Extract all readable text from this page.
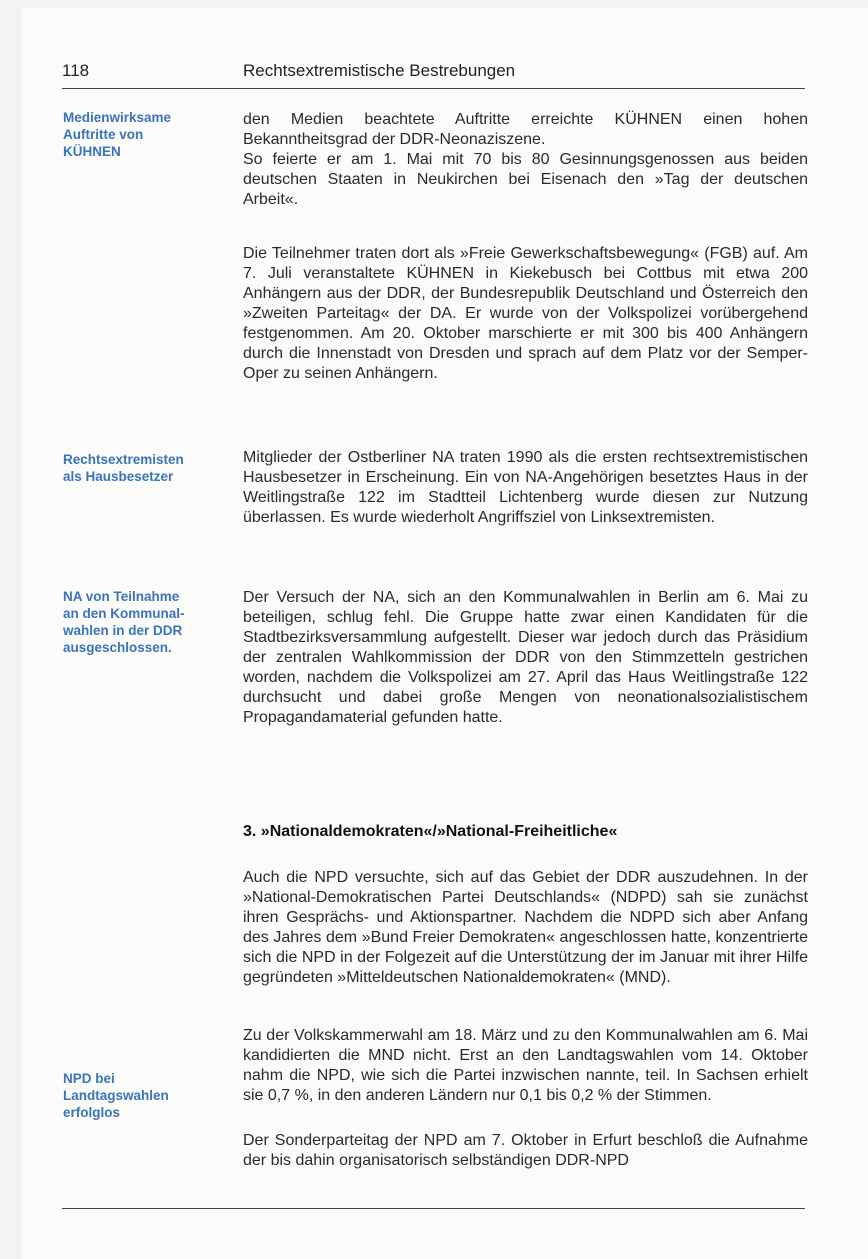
118	Rechtsextremistische Bestrebungen
Medienwirksame
Auftritte von
KÜHNEN
Rechtsextremisten
als Hausbesetzer
NA von Teilnahme
an den Kommunal-
wahlen in der DDR
ausgeschlossen.
NPD bei
Landtagswahlen
erfolglos

den Medien beachtete Auftritte erreichte KÜHNEN einen hohen Bekanntheitsgrad der DDR-Neonaziszene.

So feierte er am 1. Mai mit 70 bis 80 Gesinnungsgenossen aus beiden deutschen Staaten in Neukirchen bei Eisenach den »Tag der deutschen Arbeit«.

Die Teilnehmer traten dort als »Freie Gewerkschaftsbewegung« (FGB) auf. Am 7. Juli veranstaltete KÜHNEN in Kiekebusch bei Cottbus mit etwa 200 Anhängern aus der DDR, der Bundesrepublik Deutschland und Österreich den »Zweiten Parteitag« der DA. Er wurde von der Volkspolizei vorübergehend festgenommen. Am 20. Oktober marschierte er mit 300 bis 400 Anhängern durch die Innenstadt von Dresden und sprach auf dem Platz vor der Semper-Oper zu seinen Anhängern.

Mitglieder der Ostberliner NA traten 1990 als die ersten rechtsextremistischen Hausbesetzer in Erscheinung. Ein von NA-Angehörigen besetztes Haus in der Weitlingstraße 122 im Stadtteil Lichtenberg wurde diesen zur Nutzung überlassen. Es wurde wiederholt Angriffsziel von Linksextremisten.

Der Versuch der NA, sich an den Kommunalwahlen in Berlin am 6. Mai zu beteiligen, schlug fehl. Die Gruppe hatte zwar einen Kandidaten für die Stadtbezirksversammlung aufgestellt. Dieser war jedoch durch das Präsidium der zentralen Wahlkommission der DDR von den Stimmzetteln gestrichen worden, nachdem die Volkspolizei am 27. April das Haus Weitlingstraße 122 durchsucht und dabei große Mengen von neonationalsozialistischem Propagandamaterial gefunden hatte.

3. »Nationaldemokraten«/»National-Freiheitliche«

Auch die NPD versuchte, sich auf das Gebiet der DDR auszudehnen. In der »National-Demokratischen Partei Deutschlands« (NDPD) sah sie zunächst ihren Gesprächs- und Aktionspartner. Nachdem die NDPD sich aber Anfang des Jahres dem »Bund Freier Demokraten« angeschlossen hatte, konzentrierte sich die NPD in der Folgezeit auf die Unterstützung der im Januar mit ihrer Hilfe gegründeten »Mitteldeutschen Nationaldemokraten« (MND).

Zu der Volkskammerwahl am 18. März und zu den Kommunalwahlen am 6. Mai kandidierten die MND nicht. Erst an den Landtagswahlen vom 14. Oktober nahm die NPD, wie sich die Partei inzwischen nannte, teil. In Sachsen erhielt sie 0,7 %, in den anderen Ländern nur 0,1 bis 0,2 % der Stimmen.

Der Sonderparteitag der NPD am 7. Oktober in Erfurt beschloß die Aufnahme der bis dahin organisatorisch selbständigen DDR-NPD
